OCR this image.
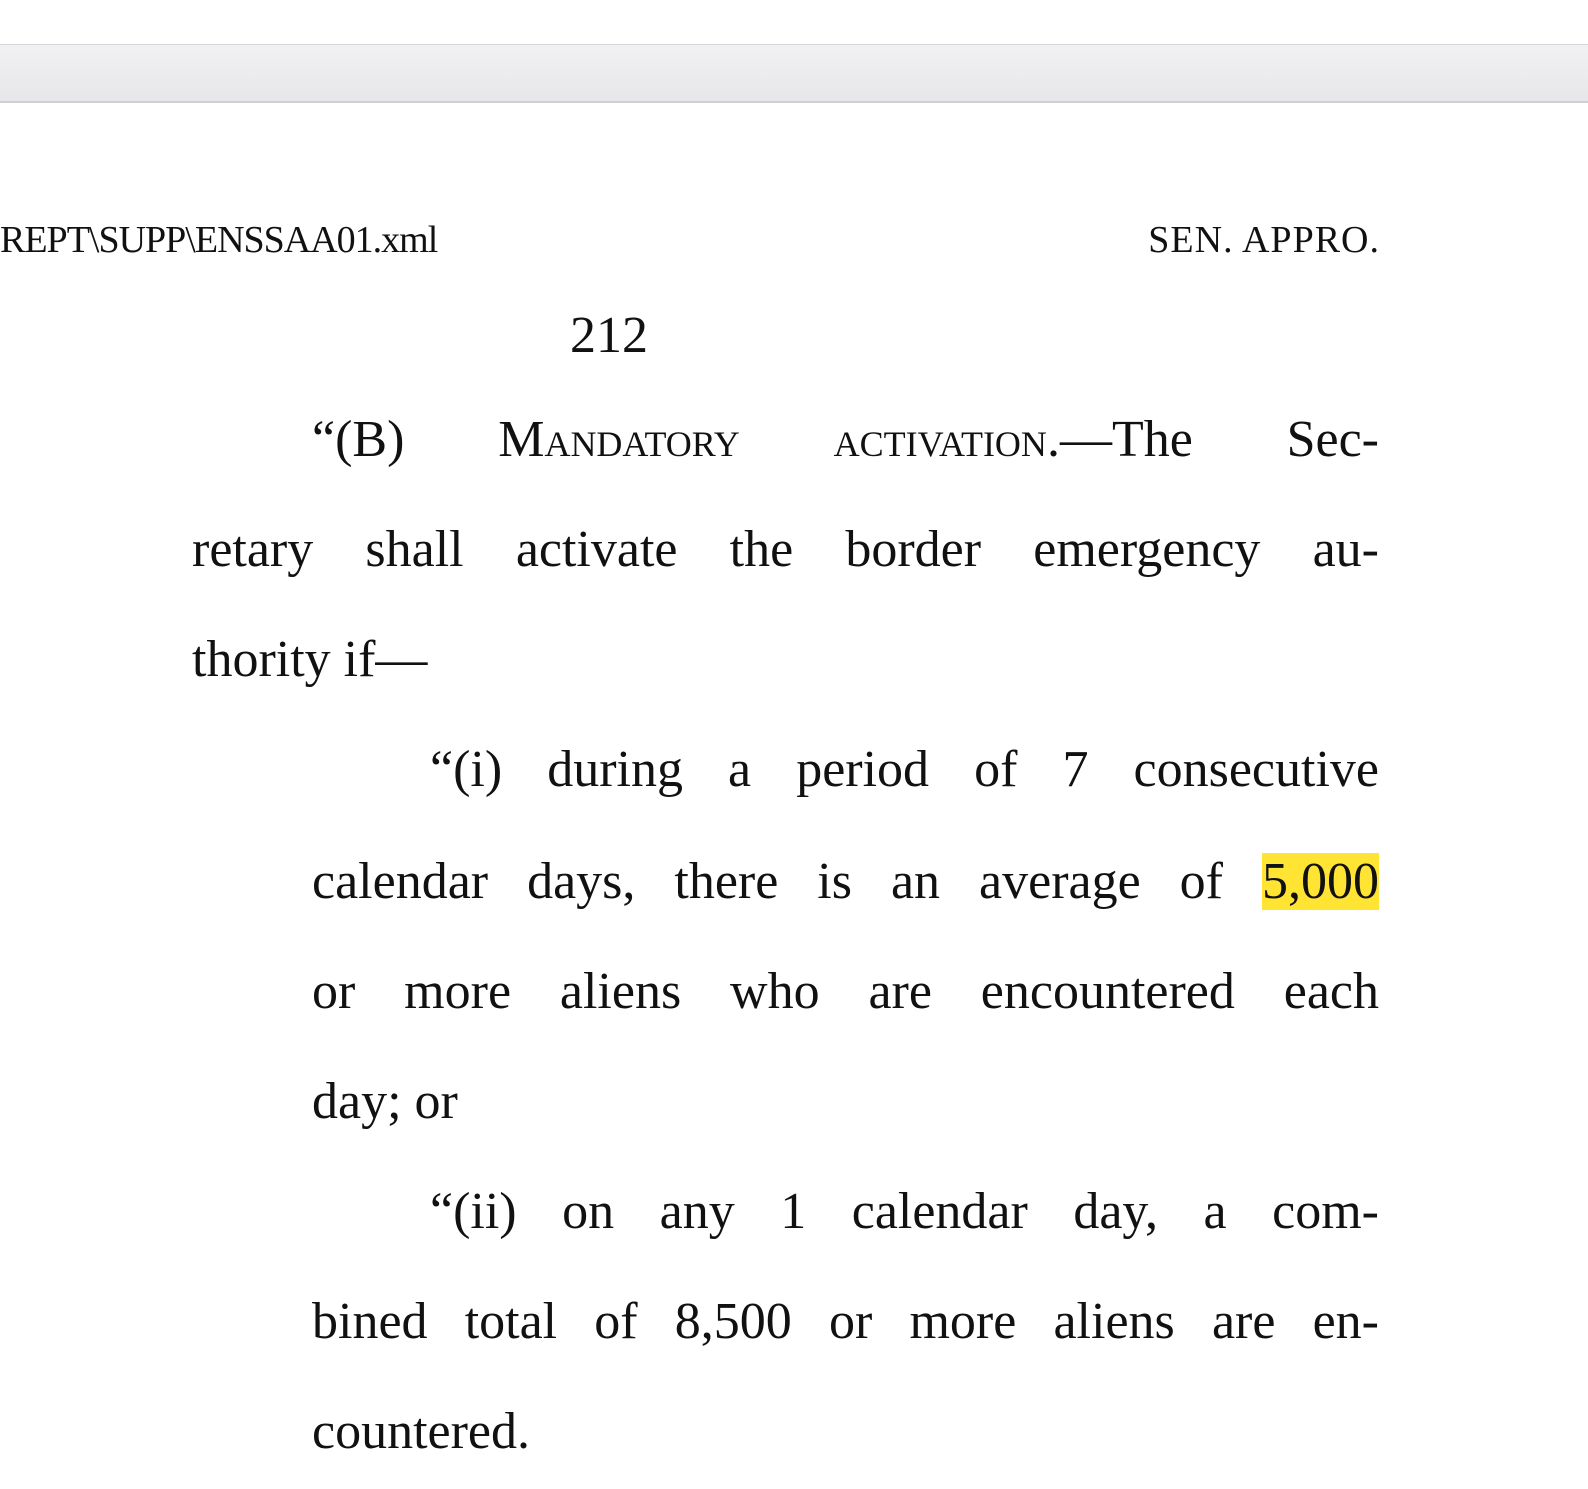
REPT\SUPP\ENSSAA01.xml	SEN. APPRO.
212
“(B) Mandatory activation.—The Sec-
retary shall activate the border emergency au-
thority if—
“(i) during a period of 7 consecutive
calendar days, there is an average of 5,000
or more aliens who are encountered each
day; or
“(ii) on any 1 calendar day, a com-
bined total of 8,500 or more aliens are en-
countered.
